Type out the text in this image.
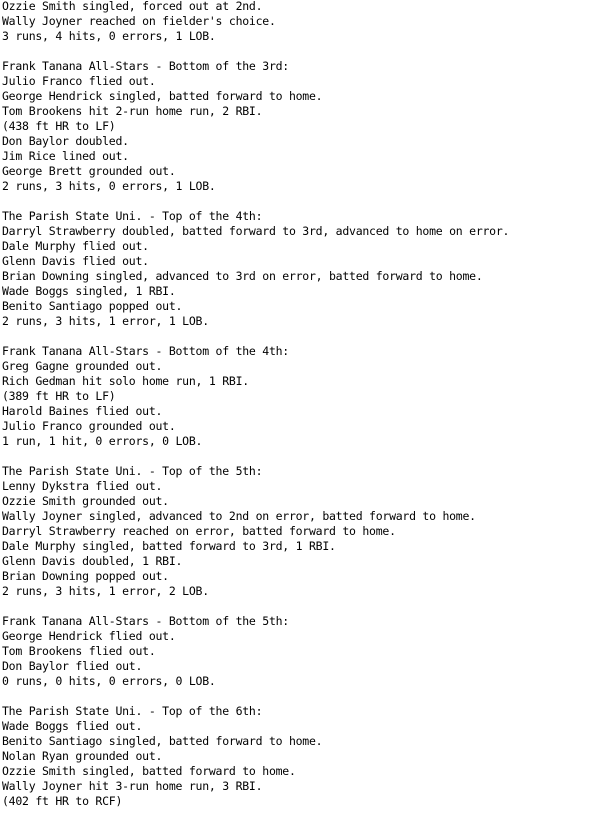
Ozzie Smith singled, forced out at 2nd.
Wally Joyner reached on fielder's choice.
3 runs, 4 hits, 0 errors, 1 LOB.
Frank Tanana All-Stars - Bottom of the 3rd:
Julio Franco flied out.
George Hendrick singled, batted forward to home.
Tom Brookens hit 2-run home run, 2 RBI.
(438 ft HR to LF)
Don Baylor doubled.
Jim Rice lined out.
George Brett grounded out.
2 runs, 3 hits, 0 errors, 1 LOB.
The Parish State Uni. - Top of the 4th:
Darryl Strawberry doubled, batted forward to 3rd, advanced to home on error.
Dale Murphy flied out.
Glenn Davis flied out.
Brian Downing singled, advanced to 3rd on error, batted forward to home.
Wade Boggs singled, 1 RBI.
Benito Santiago popped out.
2 runs, 3 hits, 1 error, 1 LOB.
Frank Tanana All-Stars - Bottom of the 4th:
Greg Gagne grounded out.
Rich Gedman hit solo home run, 1 RBI.
(389 ft HR to LF)
Harold Baines flied out.
Julio Franco grounded out.
1 run, 1 hit, 0 errors, 0 LOB.
The Parish State Uni. - Top of the 5th:
Lenny Dykstra flied out.
Ozzie Smith grounded out.
Wally Joyner singled, advanced to 2nd on error, batted forward to home.
Darryl Strawberry reached on error, batted forward to home.
Dale Murphy singled, batted forward to 3rd, 1 RBI.
Glenn Davis doubled, 1 RBI.
Brian Downing popped out.
2 runs, 3 hits, 1 error, 2 LOB.
Frank Tanana All-Stars - Bottom of the 5th:
George Hendrick flied out.
Tom Brookens flied out.
Don Baylor flied out.
0 runs, 0 hits, 0 errors, 0 LOB.
The Parish State Uni. - Top of the 6th:
Wade Boggs flied out.
Benito Santiago singled, batted forward to home.
Nolan Ryan grounded out.
Ozzie Smith singled, batted forward to home.
Wally Joyner hit 3-run home run, 3 RBI.
(402 ft HR to RCF)
